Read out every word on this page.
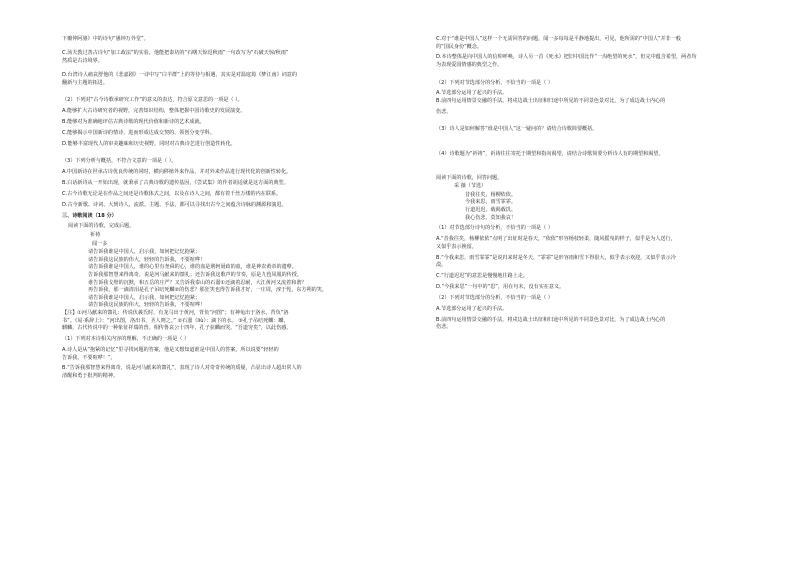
下瓣仲阿骆》中的诗句“愚钟万外堂”。
C.汤夫教过善古诗句“加工政法”的实验，他能把泰坊的“石曙天惊逗秋雨”一句改写为“石破天惊/秋雨”
然质是古诗境界。
D.台湾诗人痛哀舒他的《悲嘉剧》一诗中写“白羊群”上的等待与相遇，其实是对温庭筠《梦江南》词意的
翻新与主题的拓进。
（2）下列对“古今诗歌承研究工作”的意义的表达，符合原文意思的一项是（ ）。
A.能够扩大古诗研究者的视野，完善知识结构，整体把握中国诗歌史的发展演变。
B.能够对为准确地评估古典诗歌的现代价值和新诗的艺术成就。
C.能够揭示中国新诗的情诗，进而形成达成交契的、领创分变学科。
D.能够丰富现代人的审美趣味和历史视野，同时对古典诗艺进行创造性转化。
（3）下列分析与概括，不符合文意的一项是（ ）。
A.中国新诗在世承古诗优良传统的同时，横向移植外来作品，并对外来作品进行现代化的创新性转化。
B.白话新诗从一开始出现，就秉承了古典诗歌的遗传基因，《尝试集》的作者胡适就是这方面的典型。
C.古今诗歌无论是在作品之间还是诗歌体式之间，以及在诗人之间，都有着千丝万缕的内在联系。
D.古今新歌、诗词、大到诗人、流派、主题、手法，都可以寻找出古今之间蕴含诗脉的渊源和演进。
三、诗歌阅读（18 分）
阅读下面的诗歌，完成后题。
祈祷
闻一多
请告诉我谁是中国人，启示我，如何把记忆抱紧；
请告诉我这民族的伟大，轻轻的告诉我，不要喧哗！
请告诉我谁是中国人，谁的心里有尧舜的心，谁的血是荆轲聂政的血，谁是神农黄帝的遗孽。
告诉我那智慧来得离奇，说是河马献来的馈礼；还告诉我这歌声的节奏，原是九苞凤凰的传授。
谁告诉我戈壁的沉默，和五岳的庄严？又告诉我泰山的石溜①还滴着忍耐，大江黄河又流着和谐？
再告诉我，那一滴清泪是孔子吊唁死麟②的伤悲？那狂笑也得告诉我才好，一庄周，淳于髡，东方朔的笑。
请告诉我谁是中国人，启示我，如何把记忆抱紧；
请告诉我这民族的伟大，轻轻的告诉我，不要喧哗！
【注】①河马献来的馈礼：传说伏羲氏时，有龙马出于黄河，背负“河图”；有神龟出于洛水，背负“洛
书”。《易·系辞上》：“河出图，洛出书，圣人则之。” ②石溜（liù）：滴下的水。 ③孔子吊唁死麟：麟，
麒麟，古代传说中的一种象征祥瑞的兽。相传鲁哀公十四年，孔子获麟而哭。“吾道穷矣”，以此伤感。
（1）下列对本诗相关内容的理解，不正确的一项是（ ）
A.诗人是从“抱紧的记忆”里寻找问题的答案，他是又想知道谁是中国人的答案，所以说要“轻轻的
告诉我，不要喧哗！”。
B.“告诉我那智慧来得离奇，说是河马献来的馈礼”，表现了诗人对奇奇传统的质疑，凸显出诗人超出常人的
清醒和勇于批判的精神。
C.对于“谁是中国人”这样一个无需回答的问题，闻一多每每是平静地提出，可见，他所需的“中国人”并非一般
的“国民身份”概念。
D.本诗整体是向中国人的信仰呼唤，诗人另一首《死水》把旧中国比作“一沟绝望的死水”，但完中蕴含希望，两者均
为表现爱国情感的典型之作。
（2）下列对节选部分的分析，不恰当的一项是（ ）
A.节选部分运用了起兴的手法。
B.前四句运用情景交融的手法，将戍边战士出征和归途中所见的不同景色景对比，为了成边战士内心的
伤悲。
（3）诗人是如何解答“谁是中国人”这一疑问的？请结合诗歌简要概括。
（4）诗歌题为“祈祷”，祈祷往往寄托于期望和指向渴望，请结合诗歌简要分析诗人有的期望和渴望。
阅读下面的诗歌，回答问题。
采 薇（节选）
昔我往矣，杨柳依依。
今我来思，雨雪霏霏。
行道迟迟，载渴载饥。
我心伤悲，莫知我哀！
（1）对节选部分诗句的分析，不恰当的一项是（ ）
A.“昔我往矣，杨柳依依”点明了出征时是春天，“依依”形容杨枝轻柔，随风摇曳的样子，似乎是为人送行，
又似乎表示挽留。
B.“今我来思，雨雪霏霏”是说归来时是冬天，“霏霏”是形容雨和雪下得很大，似乎表示欢迎，又似乎表示冷
漠。
C.“行道迟迟”的意思是慢慢地往路上走。
D.“今我来思”一句中的“思”，用在句末，没有实在意义。
（2）下列对节选部分的分析，不恰当的一项是（ ）
A.节选部分运用了起兴的手法。
B.前四句运用情景交融的手法，将戍边战士出征和归途中所见的不同景色景对比，为了成边战士内心的
伤悲。
